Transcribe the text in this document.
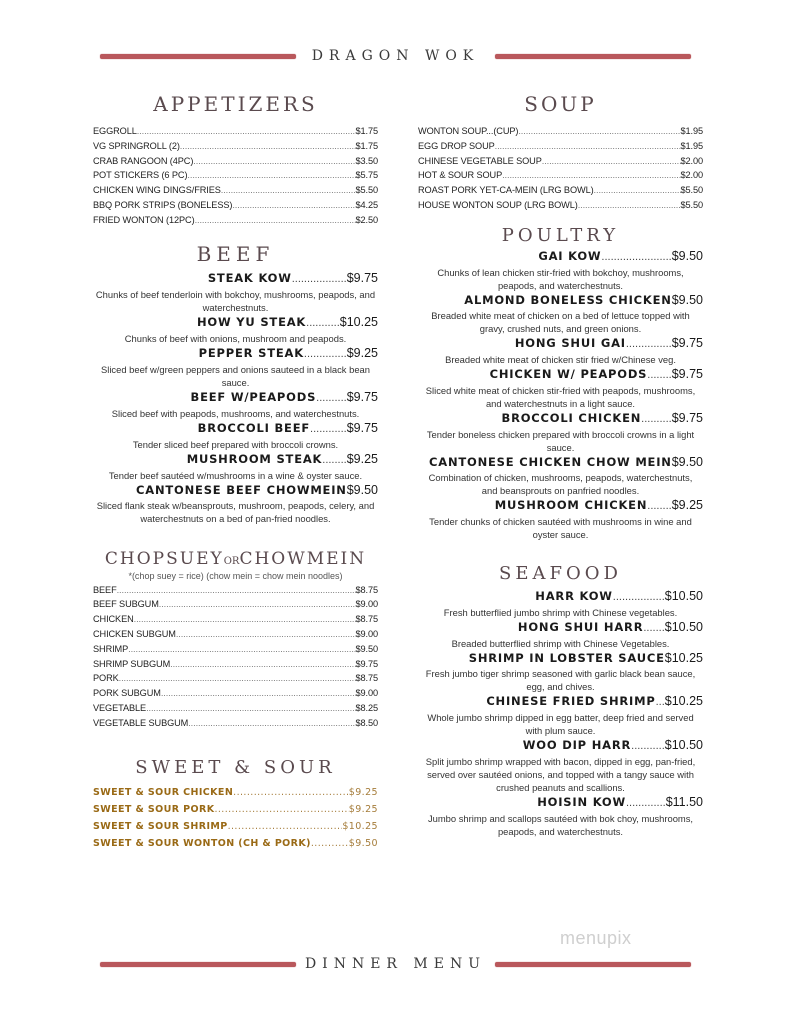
DRAGON WOK
APPETIZERS
EGGROLL .....	$1.75
VG SPRINGROLL (2) .....	$1.75
CRAB RANGOON (4PC) .....	$3.50
POT STICKERS (6 PC) .....	$5.75
CHICKEN WING DINGS/FRIES .....	$5.50
BBQ PORK STRIPS (BONELESS) .....	$4.25
FRIED WONTON (12PC) .....	$2.50
BEEF
STEAK KOW .................. $9.75
Chunks of beef tenderloin with bokchoy, mushrooms, peapods, and waterchestnuts.
HOW YU STEAK ........... $10.25
Chunks of beef with onions, mushroom and peapods.
PEPPER STEAK .............. $9.25
Sliced beef w/green peppers and onions sauteed in a black bean sauce.
BEEF W/PEAPODS .......... $9.75
Sliced beef with peapods, mushrooms, and waterchestnuts.
BROCCOLI BEEF ............ $9.75
Tender sliced beef prepared with broccoli crowns.
MUSHROOM STEAK ........ $9.25
Tender beef sautéed w/mushrooms in a wine & oyster sauce.
CANTONESE BEEF CHOWMEIN $9.50
Sliced flank steak w/beansprouts, mushroom, peapods, celery, and waterchestnuts on a bed of pan-fried noodles.
CHOPSUEYORCHOWMEIN
*(chop suey = rice) (chow mein = chow mein noodles)
BEEF .....	$8.75
BEEF SUBGUM .....	$9.00
CHICKEN .....	$8.75
CHICKEN SUBGUM .....	$9.00
SHRIMP .....	$9.50
SHRIMP SUBGUM .....	$9.75
PORK .....	$8.75
PORK SUBGUM .....	$9.00
VEGETABLE .....	$8.25
VEGETABLE SUBGUM .....	$8.50
SWEET & SOUR
SWEET & SOUR CHICKEN .....	$9.25
SWEET & SOUR PORK .....	$9.25
SWEET & SOUR SHRIMP .....	$10.25
SWEET & SOUR WONTON (CH & PORK) .....	$9.50
SOUP
WONTON SOUP...(CUP) .....	$1.95
EGG DROP SOUP .....	$1.95
CHINESE VEGETABLE SOUP .....	$2.00
HOT & SOUR SOUP .....	$2.00
ROAST PORK YET-CA-MEIN (LRG BOWL) .....	$5.50
HOUSE WONTON SOUP (LRG BOWL) .....	$5.50
POULTRY
GAI KOW ....................... $9.50
Chunks of lean chicken stir-fried with bokchoy, mushrooms, peapods, and waterchestnuts.
ALMOND BONELESS CHICKEN $9.50
Breaded white meat of chicken on a bed of lettuce topped with gravy, crushed nuts, and green onions.
HONG SHUI GAI ............... $9.75
Breaded white meat of chicken stir fried w/Chinese veg.
CHICKEN W/ PEAPODS ........ $9.75
Sliced white meat of chicken stir-fried with peapods, mushrooms, and waterchestnuts in a light sauce.
BROCCOLI CHICKEN .......... $9.75
Tender boneless chicken prepared with broccoli crowns in a light sauce.
CANTONESE CHICKEN CHOW MEIN $9.50
Combination of chicken, mushrooms, peapods, waterchestnuts, and beansprouts on panfried noodles.
MUSHROOM CHICKEN ........ $9.25
Tender chunks of chicken sautéed with mushrooms in wine and oyster sauce.
SEAFOOD
HARR KOW ................. $10.50
Fresh butterflied jumbo shrimp with Chinese vegetables.
HONG SHUI HARR ....... $10.50
Breaded butterflied shrimp with Chinese Vegetables.
SHRIMP IN LOBSTER SAUCE $10.25
Fresh jumbo tiger shrimp seasoned with garlic black bean sauce, egg, and chives.
CHINESE FRIED SHRIMP ... $10.25
Whole jumbo shrimp dipped in egg batter, deep fried and served with plum sauce.
WOO DIP HARR ........... $10.50
Split jumbo shrimp wrapped with bacon, dipped in egg, pan-fried, served over sautéed onions, and topped with a tangy sauce with crushed peanuts and scallions.
HOISIN KOW ............. $11.50
Jumbo shrimp and scallops sautéed with bok choy, mushrooms, peapods, and waterchestnuts.
menupix
DINNER MENU
